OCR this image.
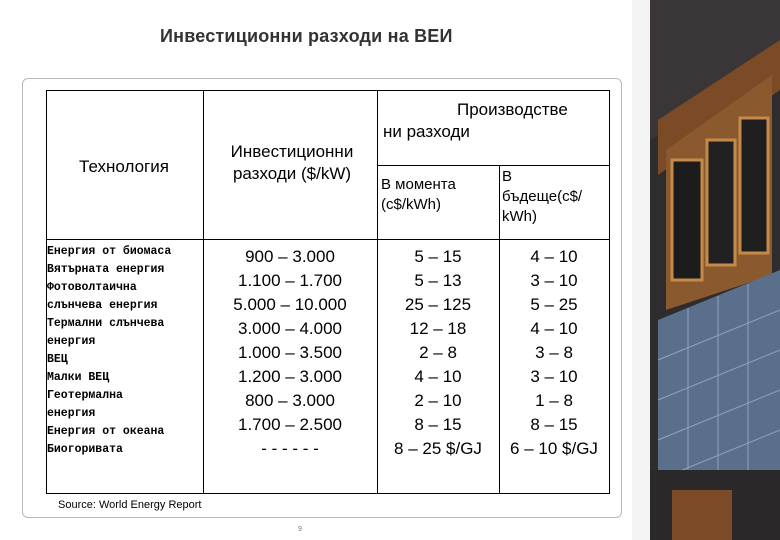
Инвестиционни разходи на ВЕИ
Технология
Инвестиционни
разходи ($/kW)
Производстве
ни разходи
В момента
(c$/kWh)
В
бъдеще(c$/
kWh)
Енергия от биомаса
Вятърната енергия
Фотоволтаична
слънчева енергия
Термални слънчева
енергия
ВЕЦ
Малки ВЕЦ
Геотермална
енергия
Енергия от океана
Биогоривата
900 – 3.000
1.100 – 1.700
5.000 – 10.000
3.000 – 4.000
1.000 – 3.500
1.200 – 3.000
800 – 3.000
1.700 – 2.500
- - - - - -
5 – 15
5 – 13
25 – 125
12 – 18
2 – 8
4 – 10
2 – 10
8 – 15
8 – 25 $/GJ
4 – 10
3 – 10
5 – 25
4 – 10
3 – 8
3 – 10
1 – 8
8 – 15
6 – 10 $/GJ
Source: World Energy Report
9
